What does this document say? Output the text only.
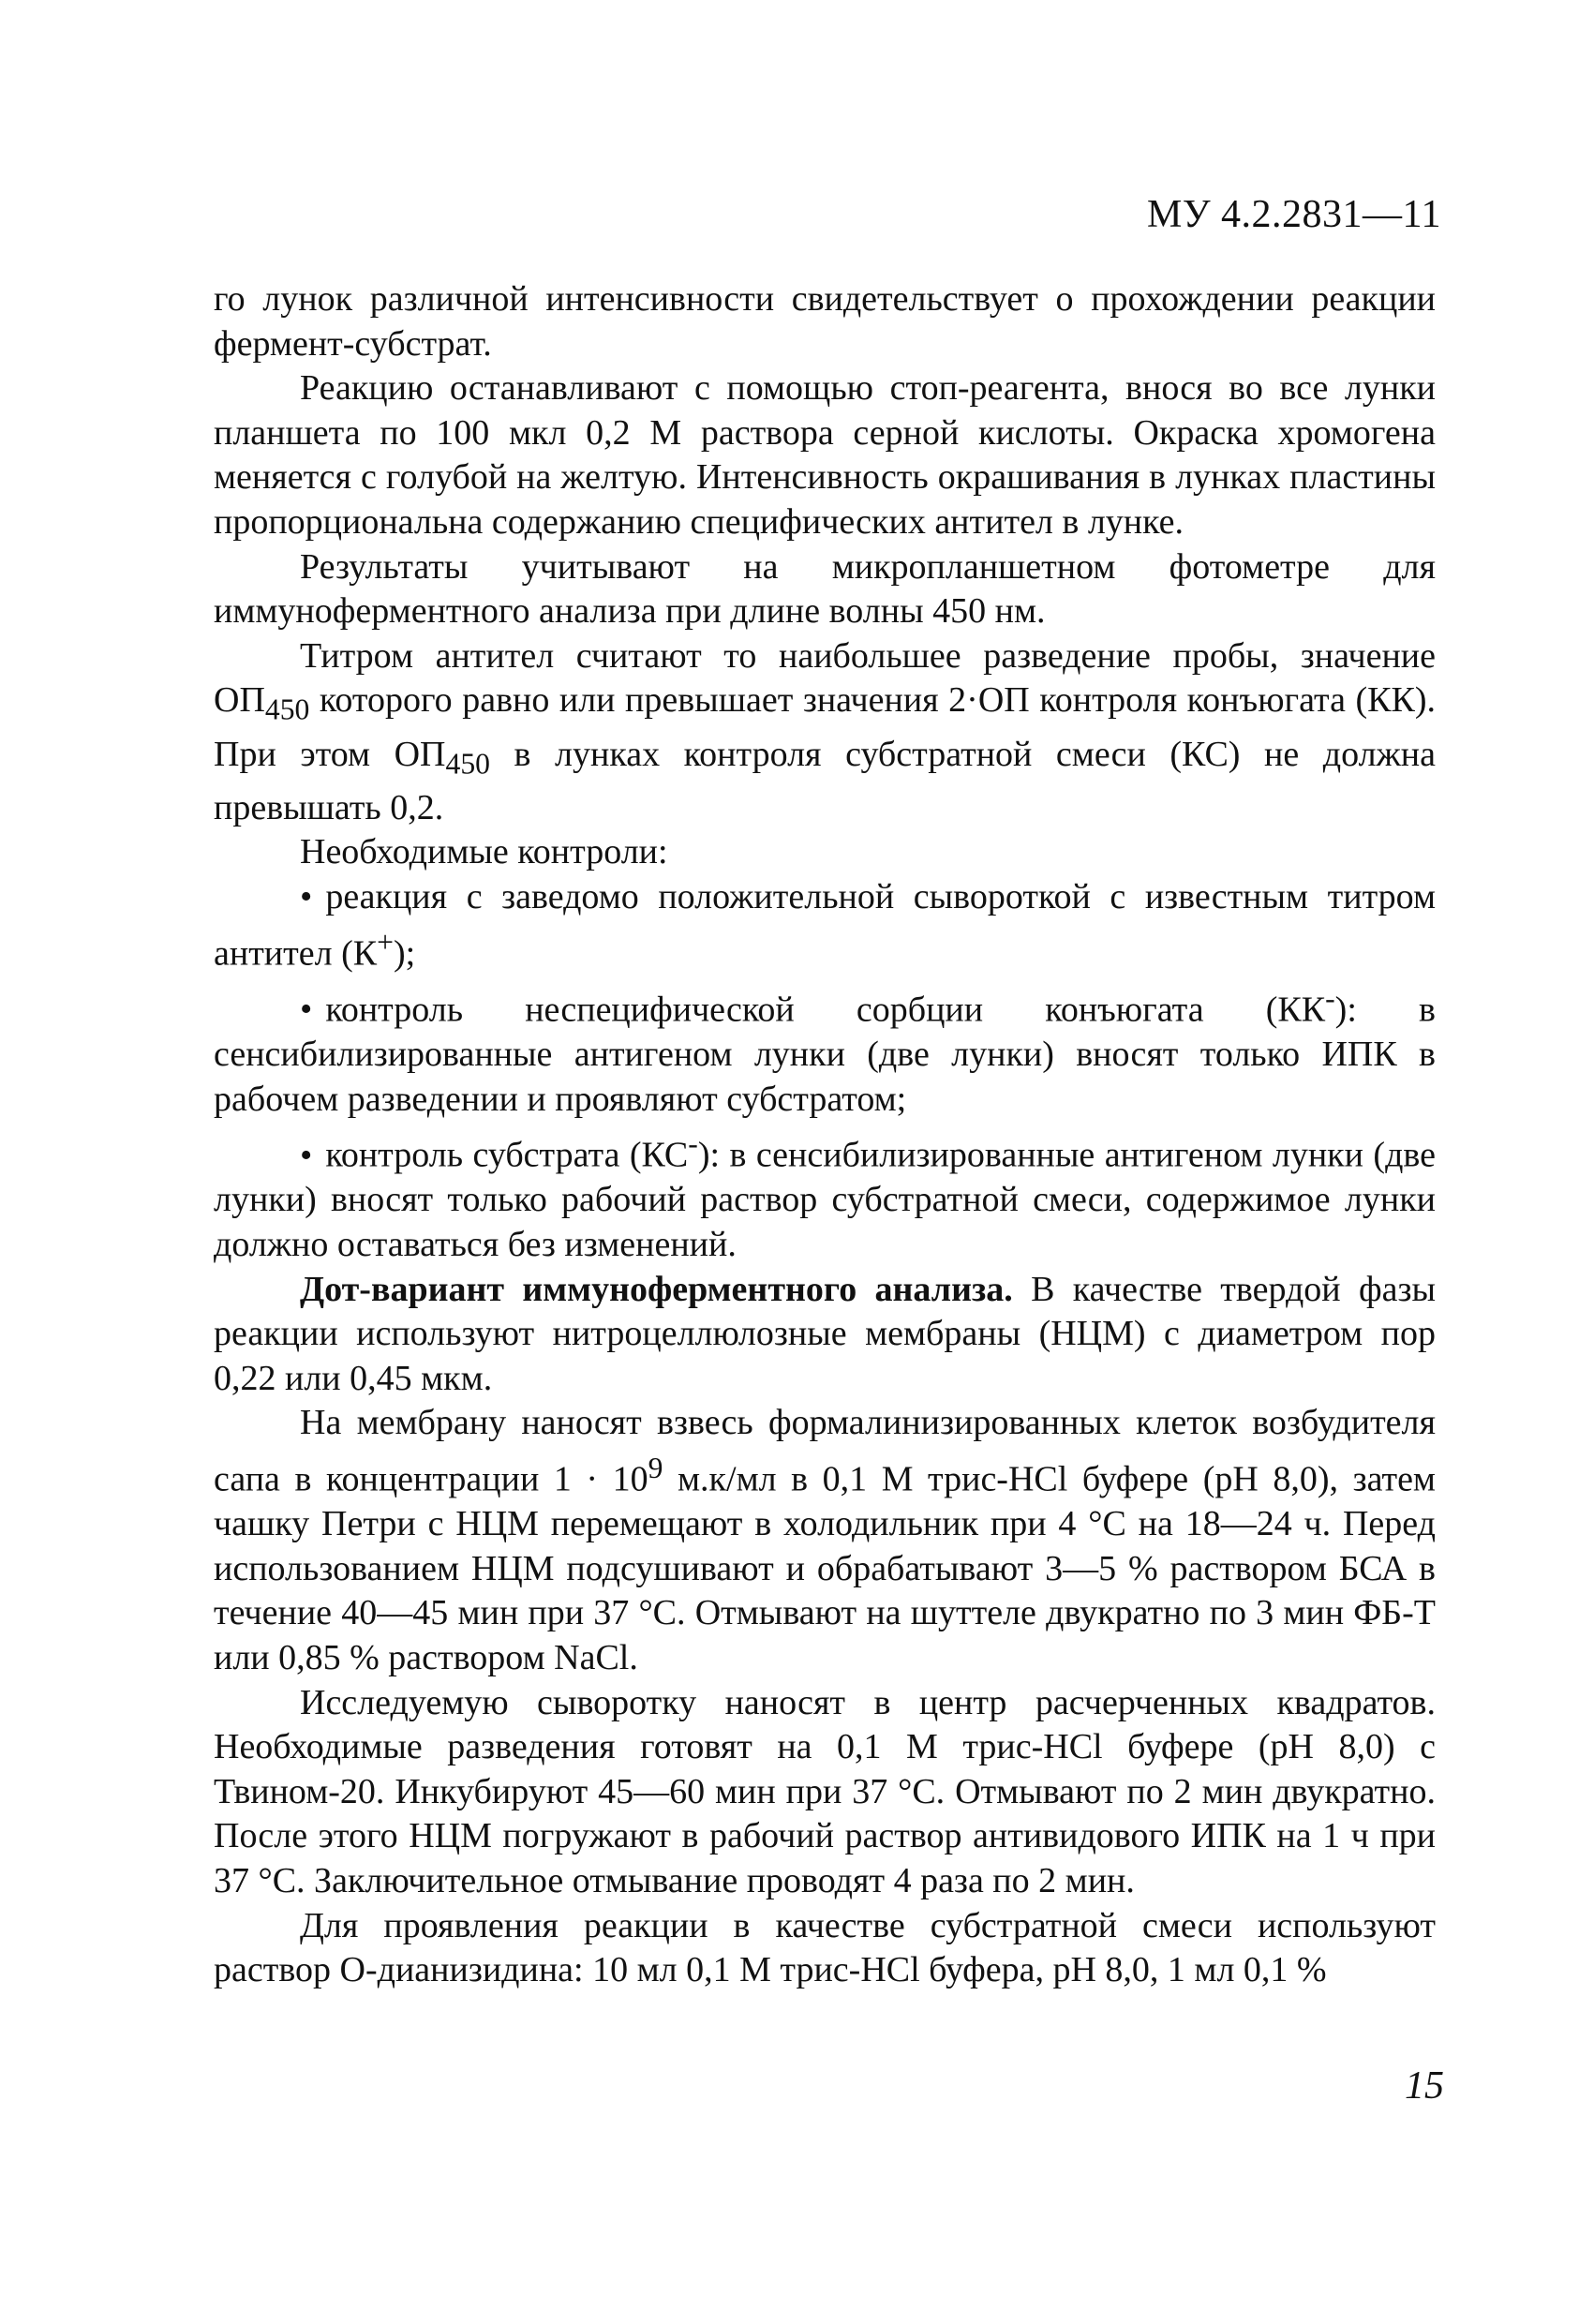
МУ 4.2.2831—11

го лунок различной интенсивности свидетельствует о прохождении реакции фермент-субстрат.

Реакцию останавливают с помощью стоп-реагента, внося во все лунки планшета по 100 мкл 0,2 М раствора серной кислоты. Окраска хромогена меняется с голубой на желтую. Интенсивность окрашивания в лунках пластины пропорциональна содержанию специфических антител в лунке.

Результаты учитывают на микропланшетном фотометре для иммуноферментного анализа при длине волны 450 нм.

Титром антител считают то наибольшее разведение пробы, значение $ОП_{450}$ которого равно или превышает значения 2·ОП контроля конъюгата (КК). При этом $ОП_{450}$ в лунках контроля субстратной смеси (КС) не должна превышать 0,2.

Необходимые контроли:

• реакция с заведомо положительной сывороткой с известным титром антител (К+);

• контроль неспецифической сорбции конъюгата (КК-): в сенсибилизированные антигеном лунки (две лунки) вносят только ИПК в рабочем разведении и проявляют субстратом;

• контроль субстрата (КС-): в сенсибилизированные антигеном лунки (две лунки) вносят только рабочий раствор субстратной смеси, содержимое лунки должно оставаться без изменений.

Дот-вариант иммуноферментного анализа. В качестве твердой фазы реакции используют нитроцеллюлозные мембраны (НЦМ) с диаметром пор 0,22 или 0,45 мкм.

На мембрану наносят взвесь формалинизированных клеток возбудителя сапа в концентрации $1 \cdot 10^9$ м.к/мл в 0,1 М трис-HCl буфере (рН 8,0), затем чашку Петри с НЦМ перемещают в холодильник при 4 °С на 18—24 ч. Перед использованием НЦМ подсушивают и обрабатывают 3—5 % раствором БСА в течение 40—45 мин при 37 °С. Отмывают на шуттеле двукратно по 3 мин ФБ-Т или 0,85 % раствором NaCl.

Исследуемую сыворотку наносят в центр расчерченных квадратов. Необходимые разведения готовят на 0,1 М трис-HCl буфере (рН 8,0) с Твином-20. Инкубируют 45—60 мин при 37 °С. Отмывают по 2 мин двукратно. После этого НЦМ погружают в рабочий раствор антивидового ИПК на 1 ч при 37 °С. Заключительное отмывание проводят 4 раза по 2 мин.

Для проявления реакции в качестве субстратной смеси используют раствор О-дианизидина: 10 мл 0,1 М трис-HCl буфера, рН 8,0, 1 мл 0,1 %

15
